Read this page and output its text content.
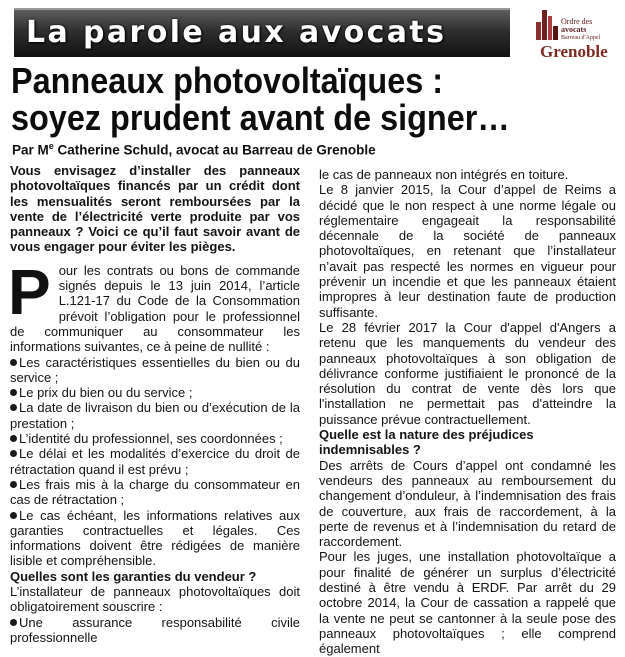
La parole aux avocats	Ordre des
avocats
Barreau d'Appel
Grenoble
Panneaux photovoltaïques :
soyez prudent avant de signer…
Par Me Catherine Schuld, avocat au Barreau de Grenoble

Vous envisagez d’installer des panneaux photovoltaïques financés par un crédit dont les mensualités seront remboursées par la vente de l’électricité verte produite par vos panneaux ? Voici ce qu’il faut savoir avant de vous engager pour éviter les pièges.

Pour les contrats ou bons de commande signés depuis le 13 juin 2014, l’article L.121-17 du Code de la Consommation prévoit l’obligation pour le professionnel de communiquer au consommateur les informations suivantes, ce à peine de nullité :

Les caractéristiques essentielles du bien ou du service ;

Le prix du bien ou du service ;

La date de livraison du bien ou d’exécution de la prestation ;

L’identité du professionnel, ses coordonnées ;

Le délai et les modalités d’exercice du droit de rétractation quand il est prévu ;

Les frais mis à la charge du consommateur en cas de rétractation ;

Le cas échéant, les informations relatives aux garanties contractuelles et légales. Ces informations doivent être rédigées de manière lisible et compréhensible.

Quelles sont les garanties du vendeur ?

L’installateur de panneaux photovoltaïques doit obligatoirement souscrire :

Une assurance responsabilité civile professionnelle

le cas de panneaux non intégrés en toiture.

Le 8 janvier 2015, la Cour d’appel de Reims a décidé que le non respect à une norme légale ou réglementaire engageait la responsabilité décennale de la société de panneaux photovoltaïques, en retenant que l’installateur n’avait pas respecté les normes en vigueur pour prévenir un incendie et que les panneaux étaient impropres à leur destination faute de production suffisante.

Le 28 février 2017 la Cour d'appel d'Angers a retenu que les manquements du vendeur des panneaux photovoltaïques à son obligation de délivrance conforme justifiaient le prononcé de la résolution du contrat de vente dès lors que l'installation ne permettait pas d'atteindre la puissance prévue contractuellement.

Quelle est la nature des préjudices indemnisables ?

Des arrêts de Cours d’appel ont condamné les vendeurs des panneaux au remboursement du changement d’onduleur, à l’indemnisation des frais de couverture, aux frais de raccordement, à la perte de revenus et à l’indemnisation du retard de raccordement.

Pour les juges, une installation photovoltaïque a pour finalité de générer un surplus d’électricité destiné à être vendu à ERDF. Par arrêt du 29 octobre 2014, la Cour de cassation a rappelé que la vente ne peut se cantonner à la seule pose des panneaux photovoltaïques ; elle comprend également
